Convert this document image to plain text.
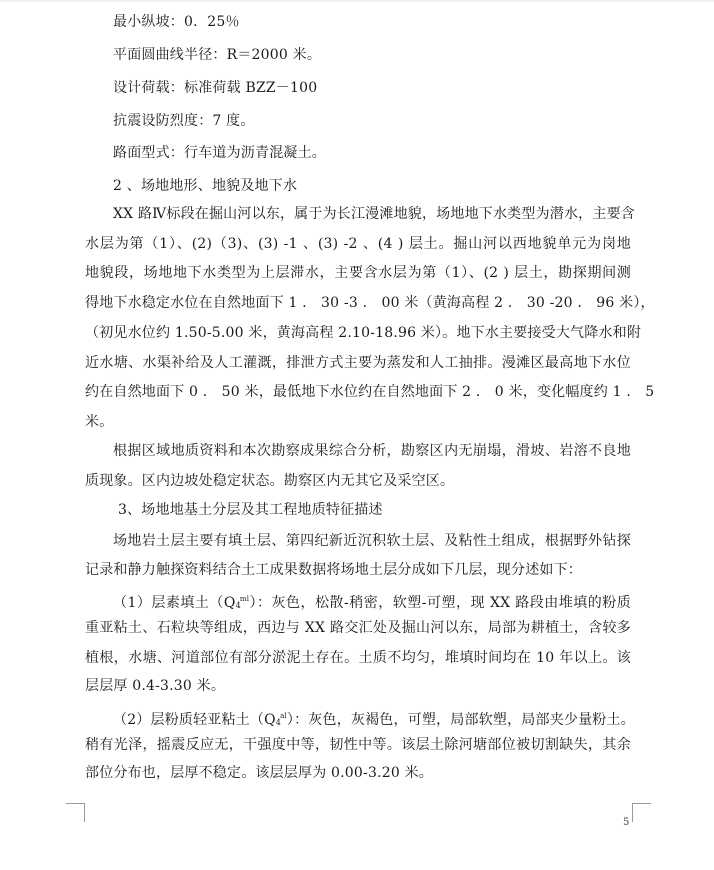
最小纵坡：0．25％
平面圆曲线半径：R＝2000 米。
设计荷载：标准荷载 BZZ－100
抗震设防烈度：7 度。
路面型式：行车道为沥青混凝土。
2 、场地地形、地貌及地下水
XX 路Ⅳ标段在掘山河以东，属于为长江漫滩地貌，场地地下水类型为潜水，主要含
水层为第（1）、(2)（3)、(3) -1 、(3) -2 、(4 ) 层土。掘山河以西地貌单元为岗地
地貌段，场地地下水类型为上层滞水，主要含水层为第（1）、(2 ) 层土，勘探期间测
得地下水稳定水位在自然地面下 1 ． 30 -3 ． 00 米（黄海高程 2 ． 30 -20 ． 96 米），
（初见水位约 1.50-5.00 米，黄海高程 2.10-18.96 米）。地下水主要接受大气降水和附
近水塘、水渠补给及人工灌溉，排泄方式主要为蒸发和人工抽排。漫滩区最高地下水位
约在自然地面下 0 ． 50 米，最低地下水位约在自然地面下 2 ． 0 米，变化幅度约 1 ． 5
米。
根据区域地质资料和本次勘察成果综合分析，勘察区内无崩塌，滑坡、岩溶不良地
质现象。区内边坡处稳定状态。勘察区内无其它及采空区。
3、场地地基土分层及其工程地质特征描述
场地岩土层主要有填土层、第四纪新近沉积软土层、及粘性土组成，根据野外钻探
记录和静力触探资料结合土工成果数据将场地土层分成如下几层，现分述如下：
（1）层素填土$(Q4^{ml})$：灰色，松散-稍密，软塑-可塑，现 XX 路段由堆填的粉质
重亚粘土、石粒块等组成，西边与 XX 路交汇处及掘山河以东，局部为耕植土，含较多
植根，水塘、河道部位有部分淤泥土存在。土质不均匀，堆填时间均在 10 年以上。该
层层厚 0.4-3.30 米。
（2）层粉质轻亚粘土$(Q4^{al})$：灰色，灰褐色，可塑，局部软塑，局部夹少量粉土。
稍有光泽，摇震反应无，干强度中等，韧性中等。该层土除河塘部位被切割缺失，其余
部位分布也，层厚不稳定。该层层厚为 0.00-3.20 米。
5
